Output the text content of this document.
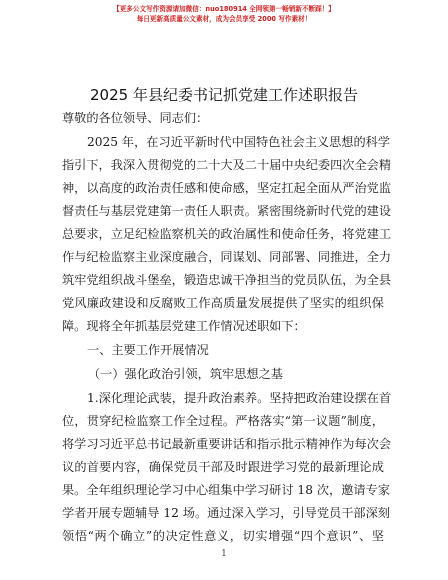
【更多公文写作资源请加微信：nuo180914 全网领第一畅销新不断踩！】
每日更新高质量公文素材，成为会员享受 2000 写作素材！
2025 年县纪委书记抓党建工作述职报告
尊敬的各位领导、同志们：
2025 年，在习近平新时代中国特色社会主义思想的科学
指引下，我深入贯彻党的二十大及二十届中央纪委四次全会精
神，以高度的政治责任感和使命感，坚定扛起全面从严治党监
督责任与基层党建第一责任人职责。紧密围绕新时代党的建设
总要求，立足纪检监察机关的政治属性和使命任务，将党建工
作与纪检监察主业深度融合，同谋划、同部署、同推进，全力
筑牢党组织战斗堡垒，锻造忠诚干净担当的党员队伍，为全县
党风廉政建设和反腐败工作高质量发展提供了坚实的组织保
障。现将全年抓基层党建工作情况述职如下：
一、主要工作开展情况
（一）强化政治引领，筑牢思想之基
1.深化理论武装，提升政治素养。坚持把政治建设摆在首
位，贯穿纪检监察工作全过程。严格落实“第一议题”制度，
将学习习近平总书记最新重要讲话和指示批示精神作为每次会
议的首要内容，确保党员干部及时跟进学习党的最新理论成
果。全年组织理论学习中心组集中学习研讨 18 次，邀请专家
学者开展专题辅导 12 场。通过深入学习，引导党员干部深刻
领悟“两个确立”的决定性意义，切实增强“四个意识”、坚
1
